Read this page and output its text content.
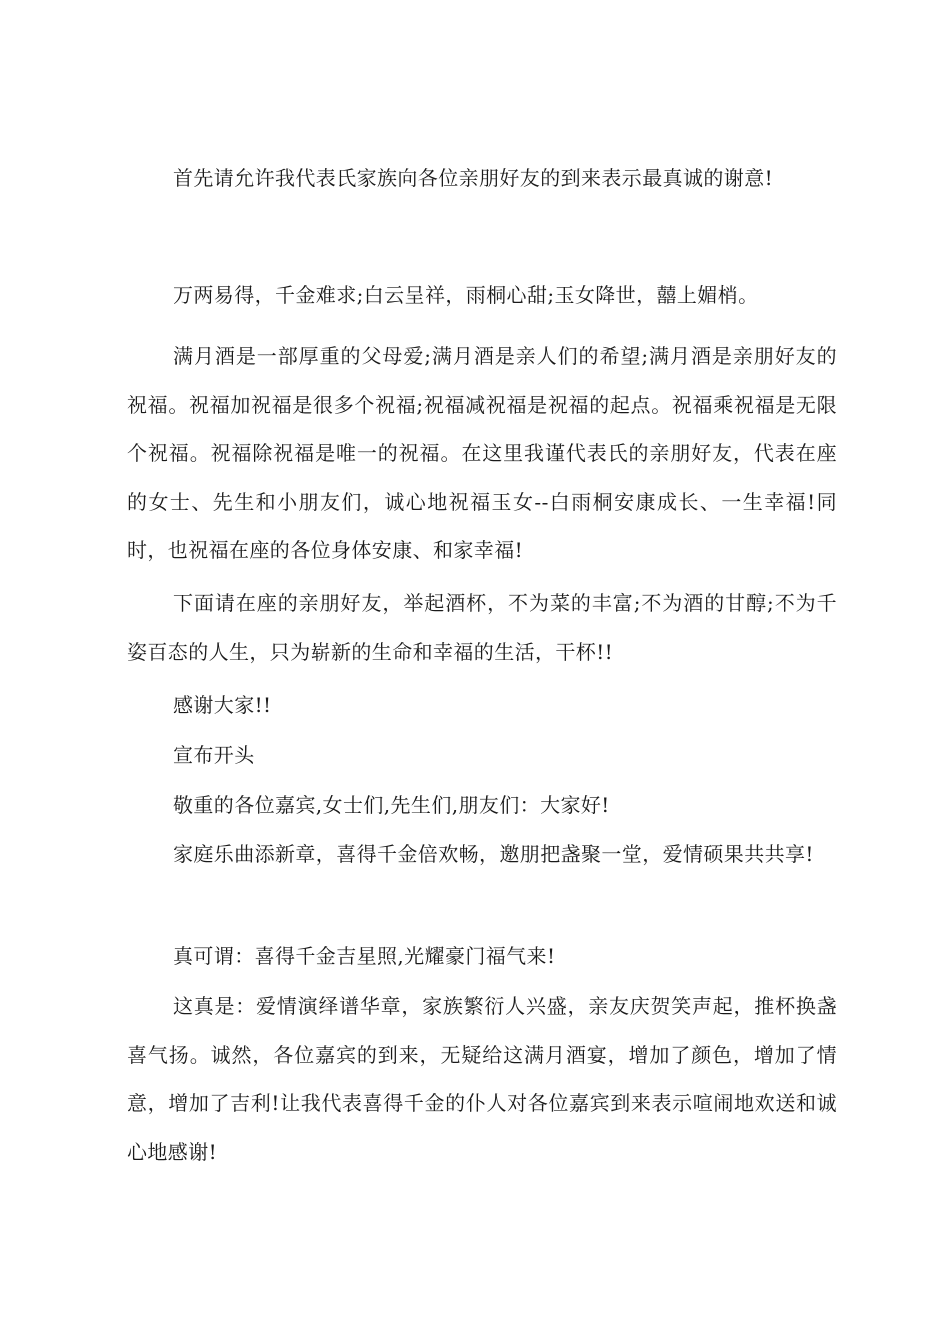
首先请允许我代表氏家族向各位亲朋好友的到来表示最真诚的谢意!

万两易得，千金难求;白云呈祥，雨桐心甜;玉女降世，囍上媚梢。

满月酒是一部厚重的父母爱;满月酒是亲人们的希望;满月酒是亲朋好友的祝福。祝福加祝福是很多个祝福;祝福减祝福是祝福的起点。祝福乘祝福是无限个祝福。祝福除祝福是唯一的祝福。在这里我谨代表氏的亲朋好友，代表在座的女士、先生和小朋友们，诚心地祝福玉女--白雨桐安康成长、一生幸福!同时，也祝福在座的各位身体安康、和家幸福!

下面请在座的亲朋好友，举起酒杯，不为菜的丰富;不为酒的甘醇;不为千姿百态的人生，只为崭新的生命和幸福的生活，干杯!!

感谢大家!!

宣布开头

敬重的各位嘉宾,女士们,先生们,朋友们：大家好!

家庭乐曲添新章，喜得千金倍欢畅，邀朋把盏聚一堂，爱情硕果共共享!

真可谓：喜得千金吉星照,光耀豪门福气来!

这真是：爱情演绎谱华章，家族繁衍人兴盛，亲友庆贺笑声起，推杯换盏喜气扬。诚然，各位嘉宾的到来，无疑给这满月酒宴，增加了颜色，增加了情意，增加了吉利!让我代表喜得千金的仆人对各位嘉宾到来表示喧闹地欢送和诚心地感谢!
